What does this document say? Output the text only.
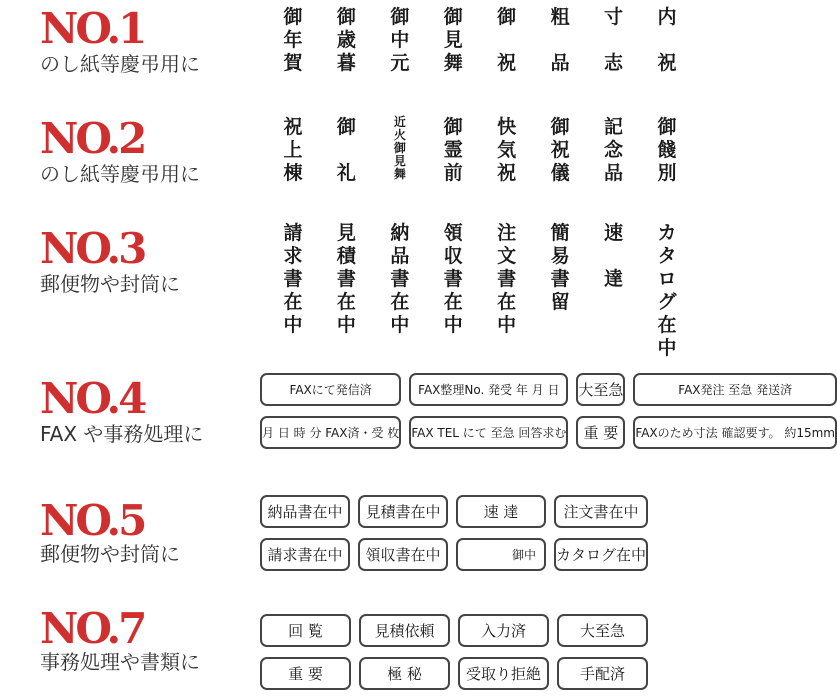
NO.1
のし紙等慶弔用に
御
年
賀
御
歳
暮
御
中
元
御
見
舞
御

祝
粗

品
寸

志
内

祝
NO.2
のし紙等慶弔用に
祝
上
棟
御

礼
近
火
御
見
舞
御
霊
前
快
気
祝
御
祝
儀
記
念
品
御
餞
別
NO.3
郵便物や封筒に
請
求
書
在
中
見
積
書
在
中
納
品
書
在
中
領
収
書
在
中
注
文
書
在
中
簡
易
書
留
速

達
カ
タ
ロ
グ
在
中
NO.4
FAX や事務処理に
FAXにて発信済	FAX整理No. 発受 年 月 日	大至急	FAX発注 至急 発送済
月 日 時 分 FAX済・受 枚 FAX TEL にて 至急 回答求む	重 要	FAXのため寸法 確認要す。 約15mm
NO.5
郵便物や封筒に
納品書在中	見積書在中	速 達	注文書在中
請求書在中	領収書在中	御中	カタログ在中
NO.7
事務処理や書類に
回 覧	見積依頼	入力済	大至急
重 要	極 秘	受取り拒絶	手配済
